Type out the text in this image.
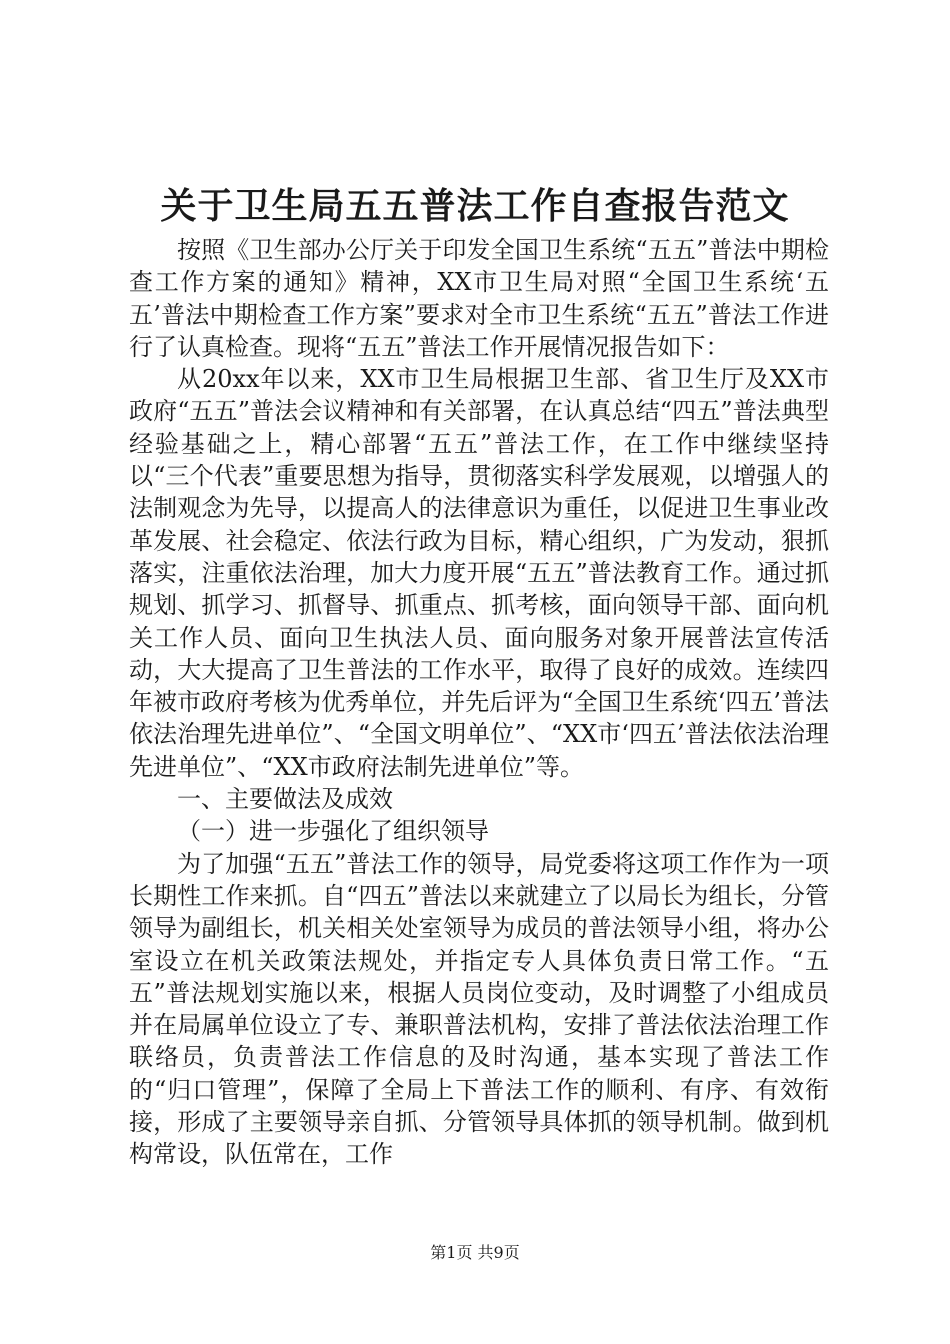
关于卫生局五五普法工作自查报告范文

按照《卫生部办公厅关于印发全国卫生系统“五五”普法中期检查工作方案的通知》精神，XX市卫生局对照“全国卫生系统‘五五’普法中期检查工作方案”要求对全市卫生系统“五五”普法工作进行了认真检查。现将“五五”普法工作开展情况报告如下：

从20xx年以来，XX市卫生局根据卫生部、省卫生厅及XX市政府“五五”普法会议精神和有关部署，在认真总结“四五”普法典型经验基础之上，精心部署“五五”普法工作，在工作中继续坚持以“三个代表”重要思想为指导，贯彻落实科学发展观，以增强人的法制观念为先导，以提高人的法律意识为重任，以促进卫生事业改革发展、社会稳定、依法行政为目标，精心组织，广为发动，狠抓落实，注重依法治理，加大力度开展“五五”普法教育工作。通过抓规划、抓学习、抓督导、抓重点、抓考核，面向领导干部、面向机关工作人员、面向卫生执法人员、面向服务对象开展普法宣传活动，大大提高了卫生普法的工作水平，取得了良好的成效。连续四年被市政府考核为优秀单位，并先后评为“全国卫生系统‘四五’普法依法治理先进单位”、“全国文明单位”、“XX市‘四五’普法依法治理先进单位”、“XX市政府法制先进单位”等。

一、主要做法及成效

（一）进一步强化了组织领导

为了加强“五五”普法工作的领导，局党委将这项工作作为一项长期性工作来抓。自“四五”普法以来就建立了以局长为组长，分管领导为副组长，机关相关处室领导为成员的普法领导小组，将办公室设立在机关政策法规处，并指定专人具体负责日常工作。“五五”普法规划实施以来，根据人员岗位变动，及时调整了小组成员并在局属单位设立了专、兼职普法机构，安排了普法依法治理工作联络员，负责普法工作信息的及时沟通，基本实现了普法工作的“归口管理”，保障了全局上下普法工作的顺利、有序、有效衔接，形成了主要领导亲自抓、分管领导具体抓的领导机制。做到机构常设，队伍常在，工作

第1页 共9页
